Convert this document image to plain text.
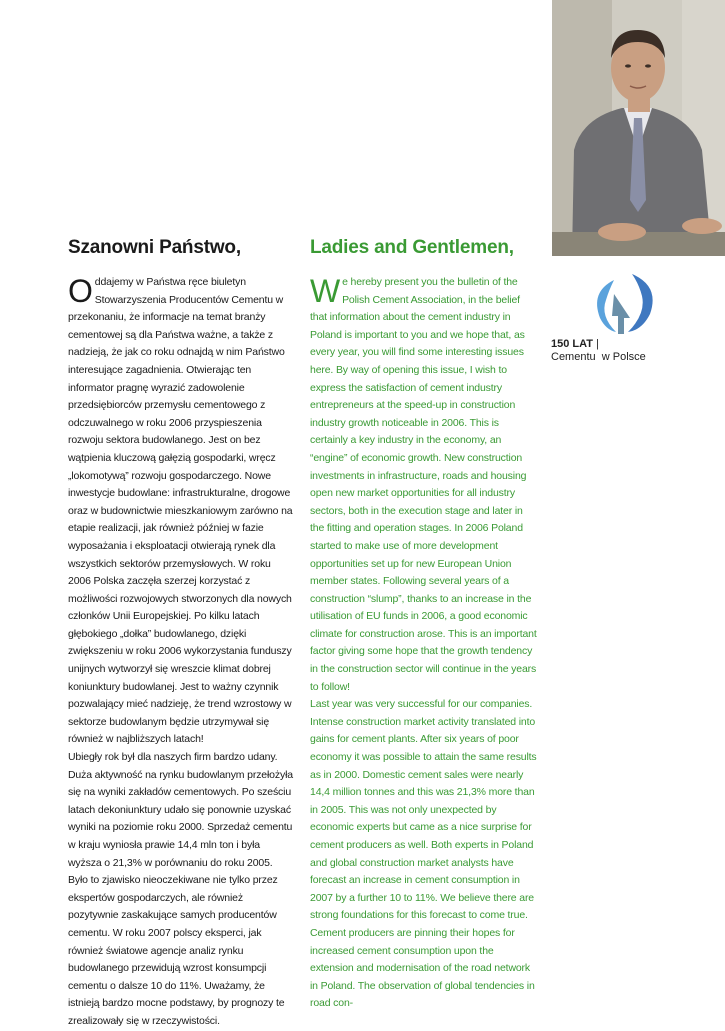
150 LAT |
Cementu  w Polsce
Szanowni Państwo,

Oddajemy w Państwa ręce biuletyn Stowarzyszenia Producentów Cementu w przekonaniu, że informacje na temat branży cementowej są dla Państwa ważne, a także z nadzieją, że jak co roku odnajdą w nim Państwo interesujące zagadnienia. Otwierając ten informator pragnę wyrazić zadowolenie przedsiębiorców przemysłu cementowego z odczuwalnego w roku 2006 przyspieszenia rozwoju sektora budowlanego. Jest on bez wątpienia kluczową gałęzią gospodarki, wręcz „lokomotywą” rozwoju gospodarczego. Nowe inwestycje budowlane: infrastrukturalne, drogowe oraz w budownictwie mieszkaniowym zarówno na etapie realizacji, jak również później w fazie wyposażania i eksploatacji otwierają rynek dla wszystkich sektorów przemysłowych. W roku 2006 Polska zaczęła szerzej korzystać z możliwości rozwojowych stworzonych dla nowych członków Unii Europejskiej. Po kilku latach głębokiego „dołka” budowlanego, dzięki zwiększeniu w roku 2006 wykorzystania funduszy unijnych wytworzył się wreszcie klimat dobrej koniunktury budowlanej. Jest to ważny czynnik pozwalający mieć nadzieję, że trend wzrostowy w sektorze budowlanym będzie utrzymywał się również w najbliższych latach!

Ubiegły rok był dla naszych firm bardzo udany. Duża aktywność na rynku budowlanym przełożyła się na wyniki zakładów cementowych. Po sześciu latach dekoniunktury udało się ponownie uzyskać wyniki na poziomie roku 2000. Sprzedaż cementu w kraju wyniosła prawie 14,4 mln ton i była wyższa o 21,3% w porównaniu do roku 2005. Było to zjawisko nieoczekiwane nie tylko przez ekspertów gospodarczych, ale również pozytywnie zaskakujące samych producentów cementu. W roku 2007 polscy eksperci, jak również światowe agencje analiz rynku budowlanego przewidują wzrost konsumpcji cementu o dalsze 10 do 11%. Uważamy, że istnieją bardzo mocne podstawy, by prognozy te zrealizowały się w rzeczywistości.

Ladies and Gentlemen,

We hereby present you the bulletin of the Polish Cement Association, in the belief that information about the cement industry in Poland is important to you and we hope that, as every year, you will find some interesting issues here. By way of opening this issue, I wish to express the satisfaction of cement industry entrepreneurs at the speed-up in construction industry growth noticeable in 2006. This is certainly a key industry in the economy, an “engine” of economic growth. New construction investments in infrastructure, roads and housing open new market opportunities for all industry sectors, both in the execution stage and later in the fitting and operation stages. In 2006 Poland started to make use of more development opportunities set up for new European Union member states. Following several years of a construction “slump”, thanks to an increase in the utilisation of EU funds in 2006, a good economic climate for construction arose. This is an important factor giving some hope that the growth tendency in the construction sector will continue in the years to follow!

Last year was very successful for our companies. Intense construction market activity translated into gains for cement plants. After six years of poor economy it was possible to attain the same results as in 2000. Domestic cement sales were nearly 14,4 million tonnes and this was 21,3% more than in 2005. This was not only unexpected by economic experts but came as a nice surprise for cement producers as well. Both experts in Poland and global construction market analysts have forecast an increase in cement consumption in 2007 by a further 10 to 11%. We believe there are strong foundations for this forecast to come true. Cement producers are pinning their hopes for increased cement consumption upon the extension and modernisation of the road network in Poland. The observation of global tendencies in road con-
